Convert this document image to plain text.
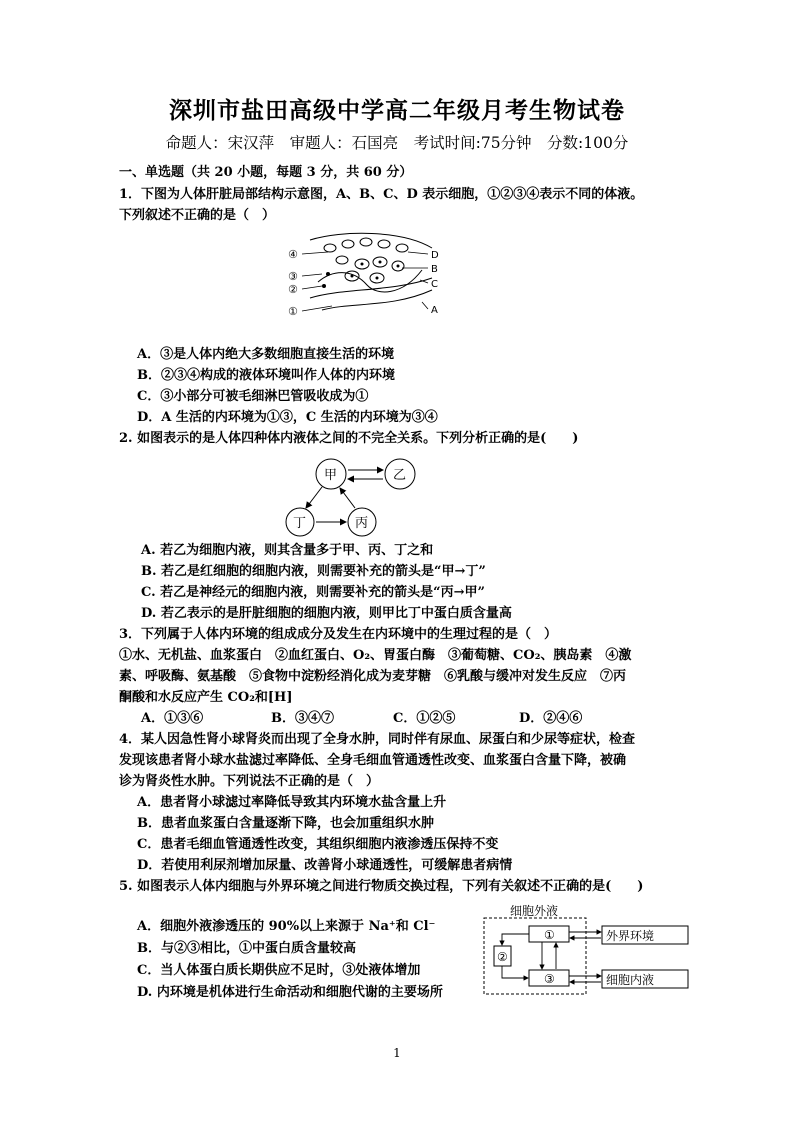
深圳市盐田高级中学高二年级月考生物试卷
命题人：宋汉萍　审题人：石国亮　考试时间:75分钟　分数:100分
一、单选题（共 20 小题，每题 3 分，共 60 分）
1．下图为人体肝脏局部结构示意图，A、B、C、D 表示细胞，①②③④表示不同的体液。
下列叙述不正确的是（　）
④
③
②
①
D
B
C
A
A．③是人体内绝大多数细胞直接生活的环境
B．②③④构成的液体环境叫作人体的内环境
C．③小部分可被毛细淋巴管吸收成为①
D．A 生活的内环境为①③，C 生活的内环境为③④
2. 如图表示的是人体四种体内液体之间的不完全关系。下列分析正确的是(　　)
甲	乙
丁	丙
A. 若乙为细胞内液，则其含量多于甲、丙、丁之和
B. 若乙是红细胞的细胞内液，则需要补充的箭头是“甲→丁”
C. 若乙是神经元的细胞内液，则需要补充的箭头是“丙→甲”
D. 若乙表示的是肝脏细胞的细胞内液，则甲比丁中蛋白质含量高
3．下列属于人体内环境的组成成分及发生在内环境中的生理过程的是（　）
①水、无机盐、血浆蛋白　②血红蛋白、O₂、胃蛋白酶　③葡萄糖、CO₂、胰岛素　④激
素、呼吸酶、氨基酸　⑤食物中淀粉经消化成为麦芽糖　⑥乳酸与缓冲对发生反应　⑦丙
酮酸和水反应产生 CO₂和[H]
A．①③⑥	B．③④⑦	C．①②⑤	D．②④⑥
4．某人因急性肾小球肾炎而出现了全身水肿，同时伴有尿血、尿蛋白和少尿等症状，检查
发现该患者肾小球水盐滤过率降低、全身毛细血管通透性改变、血浆蛋白含量下降，被确
诊为肾炎性水肿。下列说法不正确的是（　）
A．患者肾小球滤过率降低导致其内环境水盐含量上升
B．患者血浆蛋白含量逐渐下降，也会加重组织水肿
C．患者毛细血管通透性改变，其组织细胞内液渗透压保持不变
D．若使用利尿剂增加尿量、改善肾小球通透性，可缓解患者病情
5. 如图表示人体内细胞与外界环境之间进行物质交换过程，下列有关叙述不正确的是(　　)
A．细胞外液渗透压的 90%以上来源于 Na⁺和 Cl⁻
B．与②③相比，①中蛋白质含量较高
C．当人体蛋白质长期供应不足时，③处液体增加
D. 内环境是机体进行生命活动和细胞代谢的主要场所
细胞外液
①
③
②
外界环境
细胞内液
1
